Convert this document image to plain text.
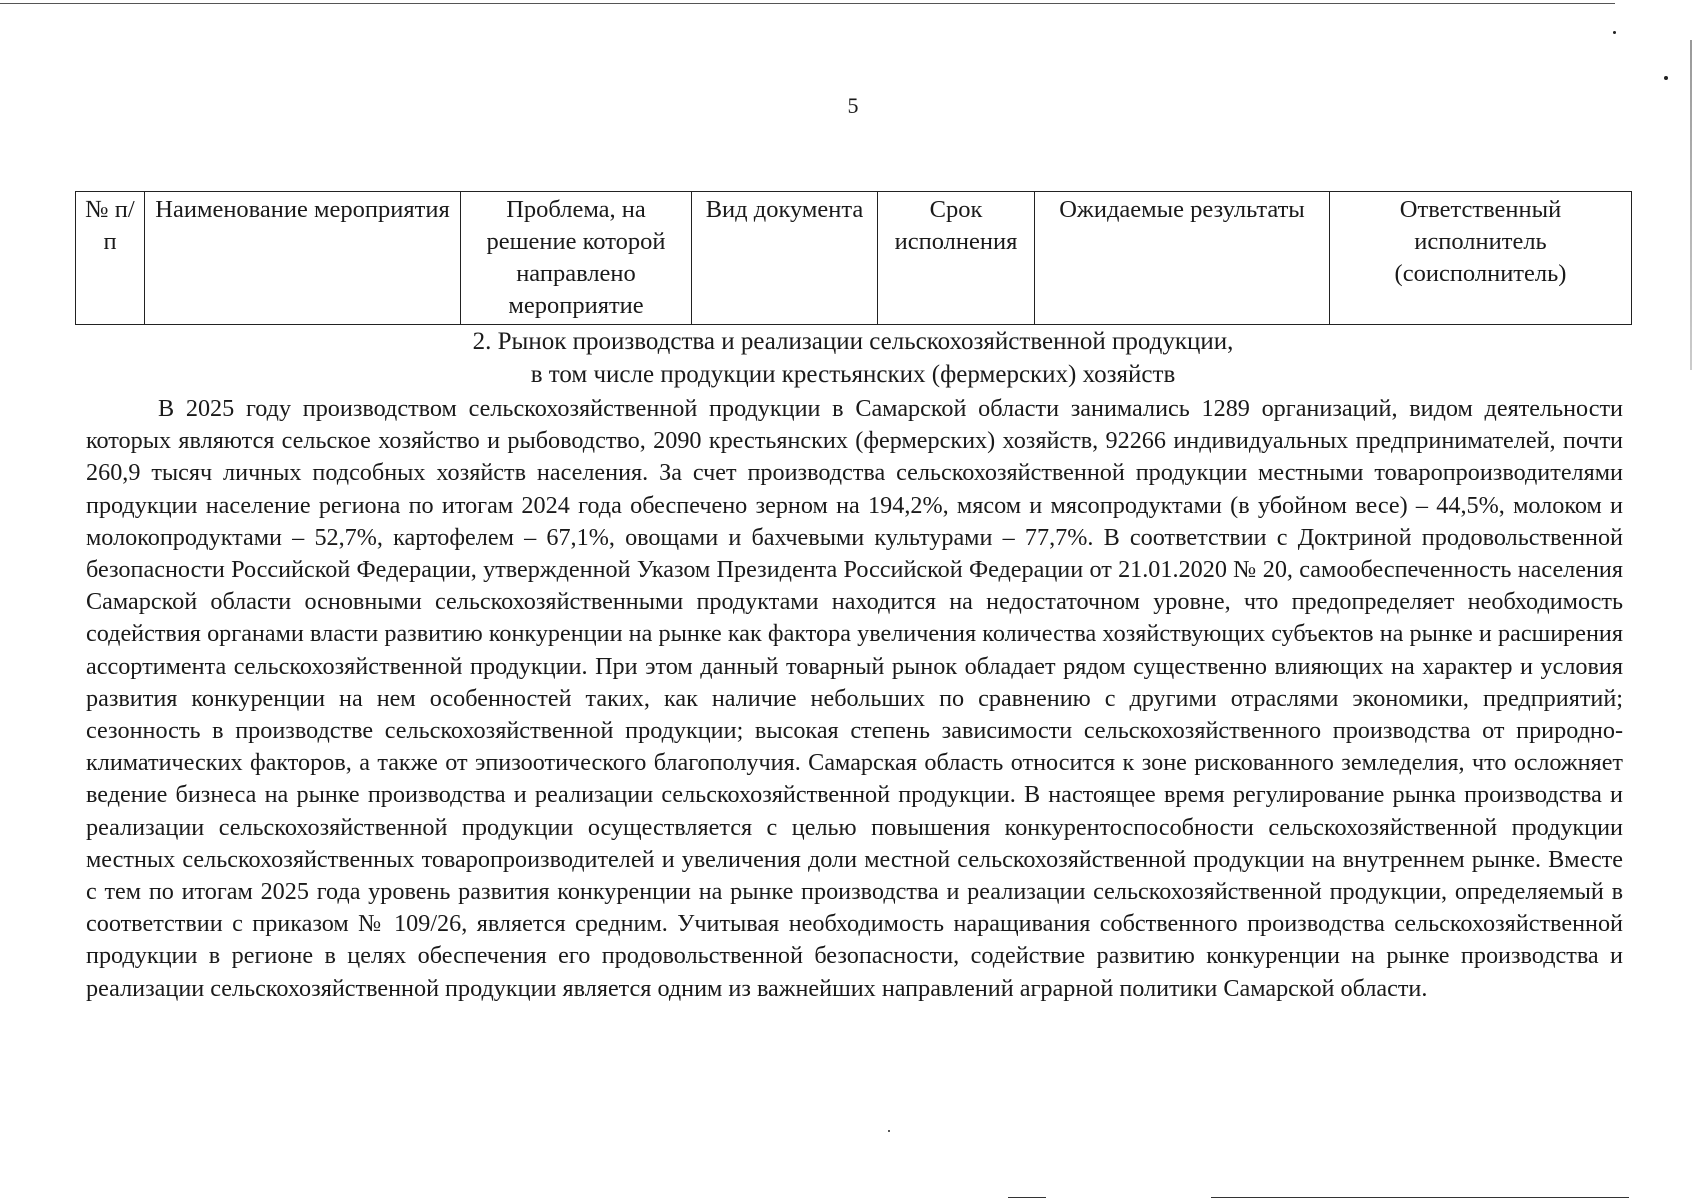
5
№ п/п	Наименование мероприятия	Проблема, на решение которой направлено мероприятие	Вид документа	Срок исполнения	Ожидаемые результаты	Ответственный исполнитель (соисполнитель)
2. Рынок производства и реализации сельскохозяйственной продукции,
в том числе продукции крестьянских (фермерских) хозяйств

В 2025 году производством сельскохозяйственной продукции в Самарской области занимались 1289 организаций, видом деятельности которых являются сельское хозяйство и рыбоводство, 2090 крестьянских (фермерских) хозяйств, 92266 индивидуальных предпринимателей, почти 260,9 тысяч личных подсобных хозяйств населения. За счет производства сельскохозяйственной продукции местными товаропроизводителями продукции население региона по итогам 2024 года обеспечено зерном на 194,2%, мясом и мясопродуктами (в убойном весе) – 44,5%, молоком и молокопродуктами – 52,7%, картофелем – 67,1%, овощами и бахчевыми культурами – 77,7%. В соответствии с Доктриной продовольственной безопасности Российской Федерации, утвержденной Указом Президента Российской Федерации от 21.01.2020 № 20, самообеспеченность населения Самарской области основными сельскохозяйственными продуктами находится на недостаточном уровне, что предопределяет необходимость содействия органами власти развитию конкуренции на рынке как фактора увеличения количества хозяйствующих субъектов на рынке и расширения ассортимента сельскохозяйственной продукции. При этом данный товарный рынок обладает рядом существенно влияющих на характер и условия развития конкуренции на нем особенностей таких, как наличие небольших по сравнению с другими отраслями экономики, предприятий; сезонность в производстве сельскохозяйственной продукции; высокая степень зависимости сельскохозяйственного производства от природно-климатических факторов, а также от эпизоотического благополучия. Самарская область относится к зоне рискованного земледелия, что осложняет ведение бизнеса на рынке производства и реализации сельскохозяйственной продукции. В настоящее время регулирование рынка производства и реализации сельскохозяйственной продукции осуществляется с целью повышения конкурентоспособности сельскохозяйственной продукции местных сельскохозяйственных товаропроизводителей и увеличения доли местной сельскохозяйственной продукции на внутреннем рынке. Вместе с тем по итогам 2025 года уровень развития конкуренции на рынке производства и реализации сельскохозяйственной продукции, определяемый в соответствии с приказом № 109/26, является средним. Учитывая необходимость наращивания собственного производства сельскохозяйственной продукции в регионе в целях обеспечения его продовольственной безопасности, содействие развитию конкуренции на рынке производства и реализации сельскохозяйственной продукции является одним из важнейших направлений аграрной политики Самарской области.
